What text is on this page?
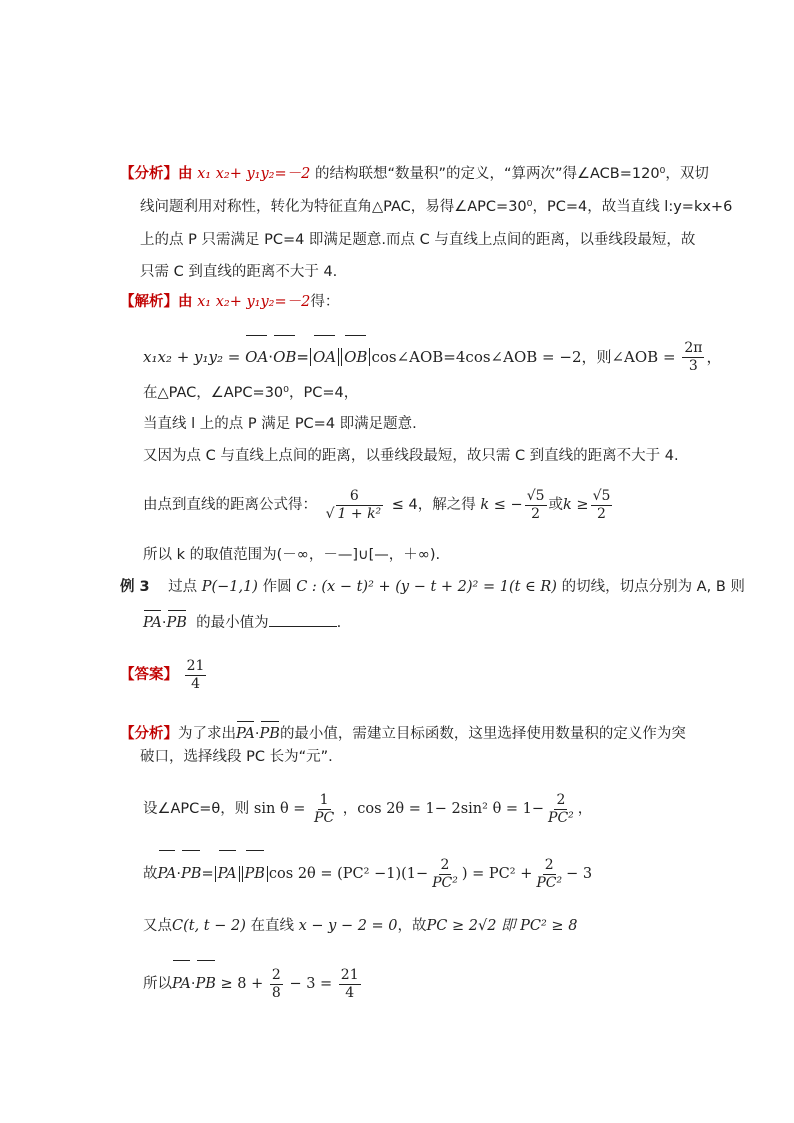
【分析】由 x₁ x₂+ y₁y₂=－2 的结构联想“数量积”的定义，“算两次”得∠ACB=120⁰，双切
线问题利用对称性，转化为特征直角△PAC，易得∠APC=30⁰，PC=4，故当直线 l:y=kx+6
上的点 P 只需满足 PC=4 即满足题意.而点 C 与直线上点间的距离，以垂线段最短，故
只需 C 到直线的距离不大于 4.
【解析】由 x₁ x₂+ y₁y₂=－2得：
x₁x₂ + y₁y₂ = OA·OB= OA OB cos∠AOB=4cos∠AOB = −2，则∠AOB = $\frac{2\pi}{3}$ ，
在△PAC，∠APC=30⁰，PC=4，
当直线 l 上的点 P 满足 PC=4 即满足题意.
又因为点 C 与直线上点间的距离，以垂线段最短，故只需 C 到直线的距离不大于 4.
由点到直线的距离公式得： $\frac{6}{\text{√ 1 + k²}} \le 4$，解之得 k ≤ − $\frac{√5}{2}$ 或$k \ge \frac{√5}{2}$
所以 k 的取值范围为(－∞，－—]∪[—，＋∞).
例 3 过点 P(−1,1) 作圆 C : (x − t)² + (y − t + 2)² = 1(t ∈ R) 的切线，切点分别为 A, B 则
PA·PB 的最小值为	.
【答案】 $\frac{21}{4}$
【分析】为了求出PA·PB的最小值，需建立目标函数，这里选择使用数量积的定义作为突
破口，选择线段 PC 长为“元”.
设∠APC=θ，则 $\sin \theta = \frac{1}{PC}$ ，cos 2θ = 1− 2sin² $\theta = 1- \frac{2}{\text{PC²}}$ ，
故PA·PB= PA PB $\cos 2\theta = (PC^2 -1)(1- \frac{2}{\text{PC²}}$ ) = $PC^2 + \frac{2}{\text{PC²}} - 3$
又点C(t, t − 2) 在直线 x − y − 2 = 0，故PC ≥ 2√2 即 PC² ≥ 8
所以$PA\cdot PB \ge 8 + \frac{2}{8} - 3 = \frac{21}{4}$
